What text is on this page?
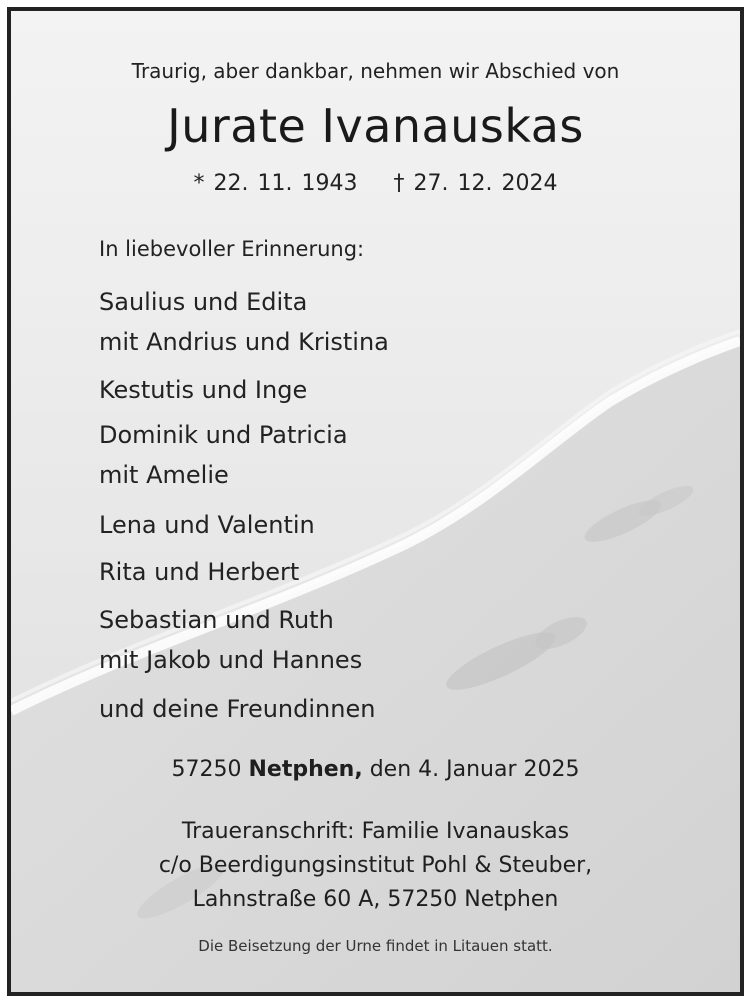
Traurig, aber dankbar, nehmen wir Abschied von
Jurate Ivanauskas
* 22. 11. 1943 † 27. 12. 2024
In liebevoller Erinnerung:
Saulius und Edita
mit Andrius und Kristina
Kestutis und Inge
Dominik und Patricia
mit Amelie
Lena und Valentin
Rita und Herbert
Sebastian und Ruth
mit Jakob und Hannes
und deine Freundinnen
57250 Netphen, den 4. Januar 2025
Traueranschrift: Familie Ivanauskas
c/o Beerdigungsinstitut Pohl & Steuber,
Lahnstraße 60 A, 57250 Netphen
Die Beisetzung der Urne findet in Litauen statt.
